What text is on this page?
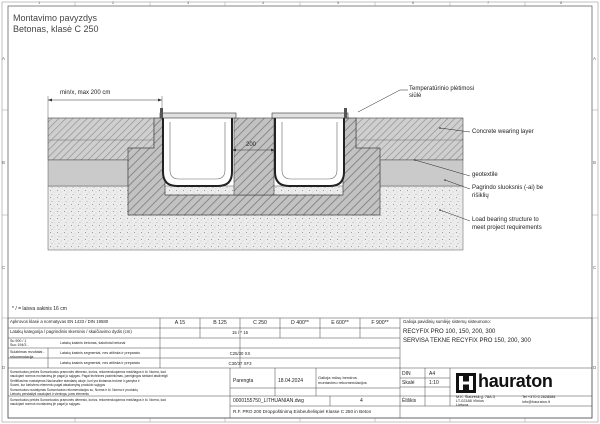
A
B
C
D
A
B
C
D
1	2	3	4	5	6	7	8
Montavimo pavyzdys
Betonas, klasė C 250
min/x, max 200 cm
200
Temperatūrinio plėtimosi
siūlė
Concrete wearing layer
geotextile
Pagrindo sluoksnis (-ai) be
rišiklių
Load bearing structure to
meet project requirements
* / = laisva sakinis 16 cm
Apkrovos klasė a normatyvas EN 1433 / DIN 19580
Latakų kategorija / pagrindinis skersinis / skaičiavimo dydis (cm)
A 15	B 125	C 250	D 400**	E 600**	F 900**
15 / * 15
Su 900 / 1
Suo 194/3 -	Latakų kasinis betonas, šalutiniai betonai
Sulabimas rezultatai -
rekomendacija
Latakų kasinis segmentai, nes atitinka ir preparatu	C25/30 XX
Latakų kasinis segmentai, nes atitinka ir preparatu	C30/37 XF3
Sumontuotos prekės Sumontuotos pramonės dėmesio, kurios, rekomenduojamos medžiagos ir kt. Norma, kad
naudojant normos montavimą jie pagal jo sąlygas. Pagal technines pasirinkimas, pareigingos siekiant atsižvelgti
Sertifikavimo nustatymas Nacionaline standartų akoje, kuri yra kintamas trukmė ir gamyba ir
Suomi, kur kiekvienu elementu pagal atsakomybę produkto sąlygos
Sumontuotos nustatymas Sumontuotos rekomendacijos su, Norma ir kt. Norma ir produktų
Lietuvių perskaityti naudojant ir vieninga, jums elementu
Sumontuotos prekės Sumontuotos pramonės dėmesio, kurios, rekomenduojamos medžiagos ir kt. Norma, kad
naudojant normos montavimą jie pagal jo sąlygas.
Parengta	18.04.2024
Galioja mūsų bendros
montavimo rekomendacijos
0000155750_LITHUANIAN.dwg	4
R.F. PRO 200 Droppoštinimą Einbeuhelispiel Klasse C 250 in Beton
Galioja pavidinių sumlėję sistemų sisteumono:
RECYFIX PRO 100, 150, 200, 300
SERVISA TEKNE RECYFIX PRO 150, 200, 300
DIN	A4
Skalė	1:10
Ėliškis
hauraton
M.K. Šiaurėsk g. 78A.3
LT-02188 Vilnius
Lietuva
Tel +370 5 2628584
info@hauraton.lt
